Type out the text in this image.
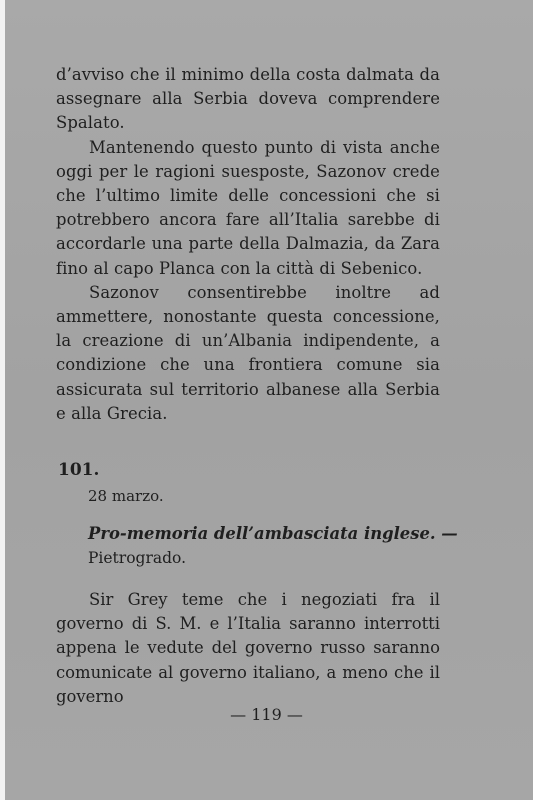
d’avviso che il minimo della costa dalmata da assegnare alla Serbia doveva comprendere Spalato.

Mantenendo questo punto di vista anche oggi per le ragioni suesposte, Sazonov crede che l’ultimo limite delle concessioni che si potrebbero ancora fare all’Italia sarebbe di accordarle una parte della Dalmazia, da Zara fino al capo Planca con la città di Sebenico.

Sazonov consentirebbe inoltre ad ammettere, nonostante questa concessione, la creazione di un’Albania indipendente, a condizione che una frontiera comune sia assicurata sul territorio albanese alla Serbia e alla Grecia.

101.
28 marzo.
Pro-memoria dell’ambasciata inglese. —
Pietrogrado.

Sir Grey teme che i negoziati fra il governo di S. M. e l’Italia saranno interrotti appena le vedute del governo russo saranno comunicate al governo italiano, a meno che il governo

— 119 —
